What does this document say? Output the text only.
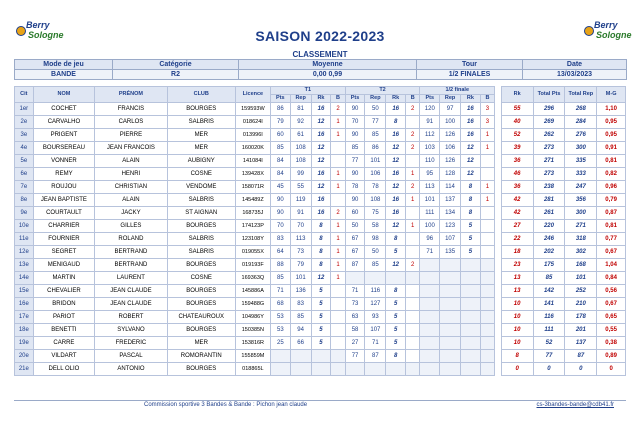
Berry
Sologne	SAISON 2022-2023
Berry
Sologne
CLASSEMENT
Mode de jeu	Catégorie	Moyenne	Tour	Date
BANDE	R2	0,00 0,99	1/2 FINALES	13/03/2023
Cit	NOM	PRÉNOM	CLUB	Licence	T1				T2				1/2 finale					Rk	Total Pts	Total Rep	M-G
					Pts	Rep	Rk	B	Pts	Rep	Rk	B	Pts	Rep	Rk	B					
1er	COCHET	FRANCIS	BOURGES	159593W	86	81	16	2	90	50	16	2	120	97	16	3		55	296	268	1,10
2e	CARVALHO	CARLOS	SALBRIS	018624I	79	92	12	1	70	77	8		91	100	16	3		40	269	284	0,95
3e	PRIGENT	PIERRE	MER	013996I	60	61	16	1	90	85	16	2	112	126	16	1		52	262	276	0,95
4e	BOURSEREAU	JEAN FRANCOIS	MER	160020K	85	108	12		85	86	12	2	103	106	12	1		39	273	300	0,91
5e	VONNER	ALAIN	AUBIGNY	141084I	84	108	12		77	101	12		110	126	12			36	271	335	0,81
6e	REMY	HENRI	COSNE	139428X	84	99	16	1	90	106	16	1	95	128	12			46	273	333	0,82
7e	ROUJOU	CHRISTIAN	VENDOME	158071R	45	55	12	1	78	78	12	2	113	114	8	1		36	238	247	0,96
8e	JEAN BAPTISTE	ALAIN	SALBRIS	145489Z	90	119	16		90	108	16	1	101	137	8	1		42	281	356	0,79
9e	COURTAULT	JACKY	ST AIGNAN	168735J	90	91	16	2	60	75	16		111	134	8			42	261	300	0,87
10e	CHARRIER	GILLES	BOURGES	174123P	70	70	8	1	50	58	12	1	100	123	5			27	220	271	0,81
11e	FOURNIER	ROLAND	SALBRIS	123108Y	83	113	8	1	67	98	8		96	107	5			22	246	318	0,77
12e	SEGRET	BERTRAND	SALBRIS	019055X	64	73	8	1	67	50	5		71	135	5			18	202	302	0,67
13e	MENIGAUD	BERTRAND	BOURGES	019193F	88	79	8	1	87	85	12	2						23	175	168	1,04
14e	MARTIN	LAURENT	COSNE	169363Q	85	101	12	1										13	85	101	0,84
15e	CHEVALIER	JEAN CLAUDE	BOURGES	145886A	71	136	5		71	116	8							13	142	252	0,56
16e	BRIDON	JEAN CLAUDE	BOURGES	159488G	68	83	5		73	127	5							10	141	210	0,67
17e	PARIOT	ROBERT	CHATEAUROUX	104986Y	53	85	5		63	93	5							10	116	178	0,65
18e	BENETTI	SYLVANO	BOURGES	150385N	53	94	5		58	107	5							10	111	201	0,55
19e	CARRE	FREDERIC	MER	153816R	25	66	5		27	71	5							10	52	137	0,38
20e	VILDART	PASCAL	ROMORANTIN	155859M					77	87	8							8	77	87	0,89
21e	DELL OLIO	ANTONIO	BOURGES	018865L														0	0	0	0
Commission sportive 3 Bandes & Bande : Pichon jean claude	cs-3bandes-bande@cdb41.fr
